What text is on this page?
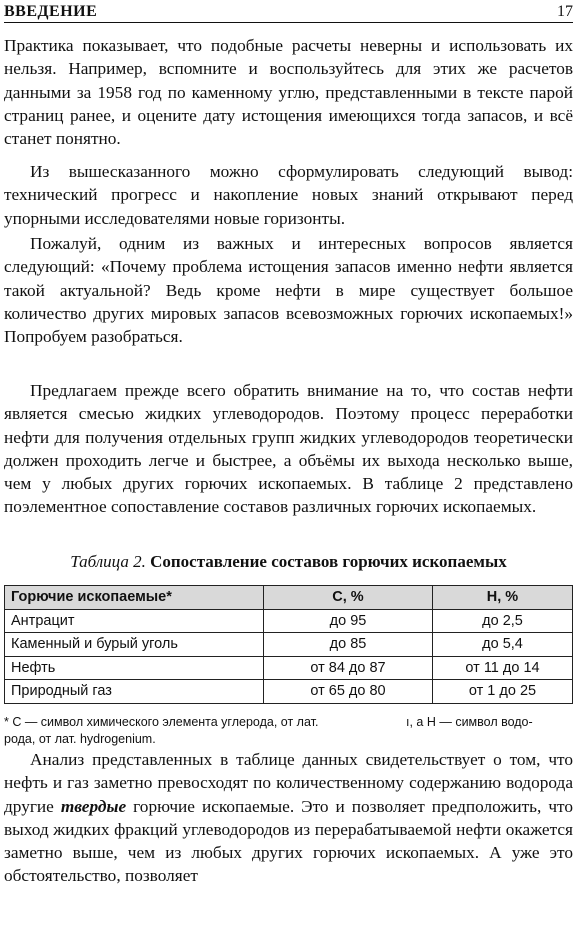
ВВЕДЕНИЕ	17

Практика показывает, что подобные расчеты неверны и использовать их нельзя. Например, вспомните и воспользуйтесь для этих же расчетов данными за 1958 год по каменному углю, представленными в тексте парой страниц ранее, и оцените дату истощения имеющихся тогда запасов, и всё станет понятно.

Из вышесказанного можно сформулировать следующий вывод: технический прогресс и накопление новых знаний открывают перед упорными исследователями новые горизонты.

Пожалуй, одним из важных и интересных вопросов является следующий: «Почему проблема истощения запасов именно нефти является такой актуальной? Ведь кроме нефти в мире существует большое количество других мировых запасов всевозможных горючих ископаемых!» Попробуем разобраться.

Предлагаем прежде всего обратить внимание на то, что состав нефти является смесью жидких углеводородов. Поэтому процесс переработки нефти для получения отдельных групп жидких углеводородов теоретически должен проходить легче и быстрее, а объёмы их выхода несколько выше, чем у любых других горючих ископаемых. В таблице 2 представлено поэлементное сопоставление составов различных горючих ископаемых.

Таблица 2. Сопоставление составов горючих ископаемых
Горючие ископаемые*	C, %	H, %
Антрацит	до 95	до 2,5
Каменный и бурый уголь	до 85	до 5,4
Нефть	от 84 до 87	от 11 до 14
Природный газ	от 65 до 80	от 1 до 25
* C — символ химического элемента углерода, от лат.	ı, а H — символ водо-
рода, от лат. hydrogenium.

Анализ представленных в таблице данных свидетельствует о том, что нефть и газ заметно превосходят по количественному содержанию водорода другие твердые горючие ископаемые. Это и позволяет предположить, что выход жидких фракций углеводородов из перерабатываемой нефти окажется заметно выше, чем из любых других горючих ископаемых. А уже это обстоятельство, позволяет
